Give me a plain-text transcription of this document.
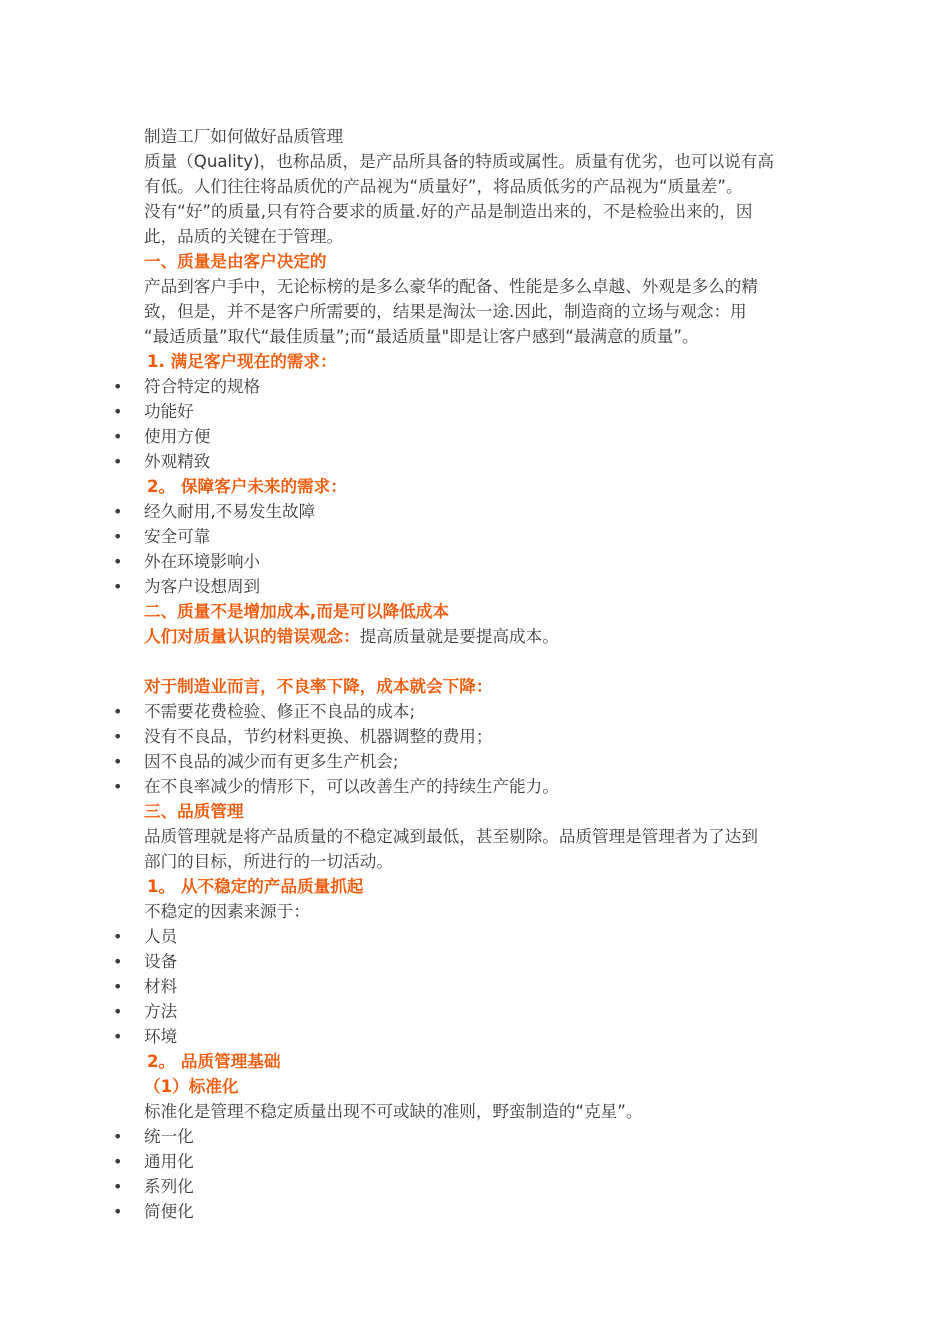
制造工厂如何做好品质管理
质量（Quality)，也称品质，是产品所具备的特质或属性。质量有优劣，也可以说有高
有低。人们往往将品质优的产品视为“质量好”，将品质低劣的产品视为“质量差”。
没有“好”的质量,只有符合要求的质量.好的产品是制造出来的，不是检验出来的，因
此，品质的关键在于管理。
一、质量是由客户决定的
产品到客户手中，无论标榜的是多么豪华的配备、性能是多么卓越、外观是多么的精
致，但是，并不是客户所需要的，结果是淘汰一途.因此，制造商的立场与观念：用
“最适质量”取代“最佳质量”;而“最适质量"即是让客户感到“最满意的质量”。
1. 满足客户现在的需求：
• 符合特定的规格
• 功能好
• 使用方便
• 外观精致
2。 保障客户未来的需求：
• 经久耐用,不易发生故障
• 安全可靠
• 外在环境影响小
• 为客户设想周到
二、质量不是增加成本,而是可以降低成本
人们对质量认识的错误观念：提高质量就是要提高成本。
对于制造业而言，不良率下降，成本就会下降：
• 不需要花费检验、修正不良品的成本;
• 没有不良品，节约材料更换、机器调整的费用；
• 因不良品的减少而有更多生产机会;
• 在不良率减少的情形下，可以改善生产的持续生产能力。
三、品质管理
品质管理就是将产品质量的不稳定减到最低，甚至剔除。品质管理是管理者为了达到
部门的目标，所进行的一切活动。
1。 从不稳定的产品质量抓起
不稳定的因素来源于：
• 人员
• 设备
• 材料
• 方法
• 环境
2。 品质管理基础
（1）标准化
标准化是管理不稳定质量出现不可或缺的准则，野蛮制造的“克星”。
• 统一化
• 通用化
• 系列化
• 简便化
